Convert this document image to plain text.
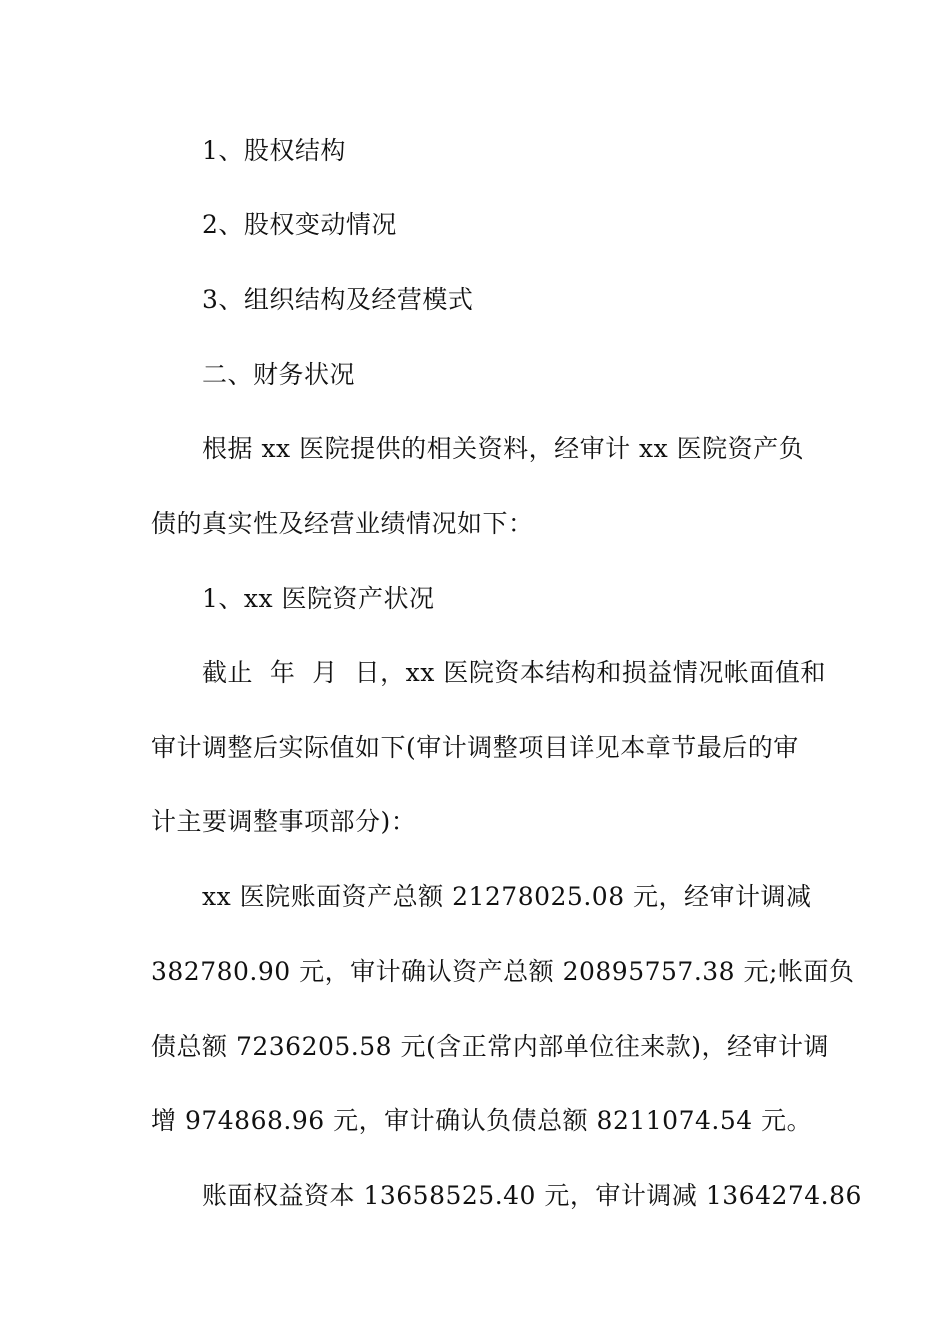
1、股权结构
2、股权变动情况
3、组织结构及经营模式
二、财务状况
根据 xx 医院提供的相关资料，经审计 xx 医院资产负
债的真实性及经营业绩情况如下：
1、xx 医院资产状况
截止  年  月  日，xx 医院资本结构和损益情况帐面值和
审计调整后实际值如下(审计调整项目详见本章节最后的审
计主要调整事项部分)：
xx 医院账面资产总额 21278025.08 元，经审计调减
382780.90 元，审计确认资产总额 20895757.38 元;帐面负
债总额 7236205.58 元(含正常内部单位往来款)，经审计调
增 974868.96 元，审计确认负债总额 8211074.54 元。
账面权益资本 13658525.40 元，审计调减 1364274.86
